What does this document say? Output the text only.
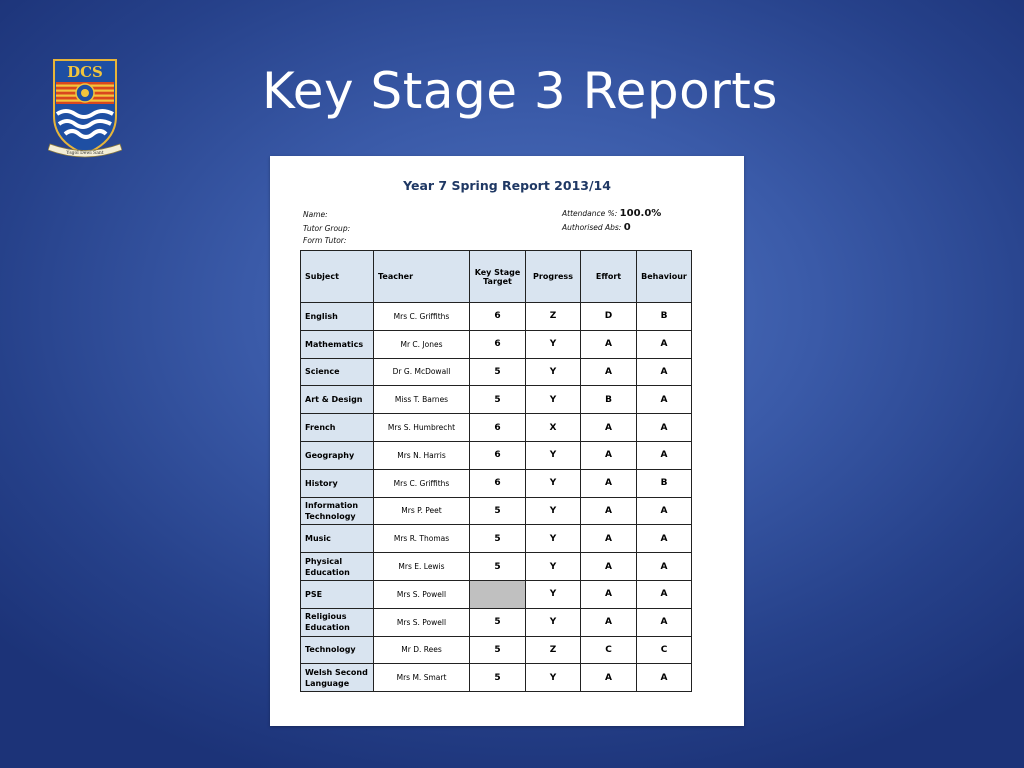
DCS
Ysgol Dewi Sant
Key Stage 3 Reports
Year 7 Spring Report 2013/14
Name:
Tutor Group:
Form Tutor:
Attendance %: 100.0%
Authorised Abs: 0
Subject	Teacher	Key Stage Target	Progress	Effort	Behaviour
English	Mrs C. Griffiths	6	Z	D	B
Mathematics	Mr C. Jones	6	Y	A	A
Science	Dr G. McDowall	5	Y	A	A
Art & Design	Miss T. Barnes	5	Y	B	A
French	Mrs S. Humbrecht	6	X	A	A
Geography	Mrs N. Harris	6	Y	A	A
History	Mrs C. Griffiths	6	Y	A	B
Information Technology	Mrs P. Peet	5	Y	A	A
Music	Mrs R. Thomas	5	Y	A	A
Physical Education	Mrs E. Lewis	5	Y	A	A
PSE	Mrs S. Powell		Y	A	A
Religious Education	Mrs S. Powell	5	Y	A	A
Technology	Mr D. Rees	5	Z	C	C
Welsh Second Language	Mrs M. Smart	5	Y	A	A
